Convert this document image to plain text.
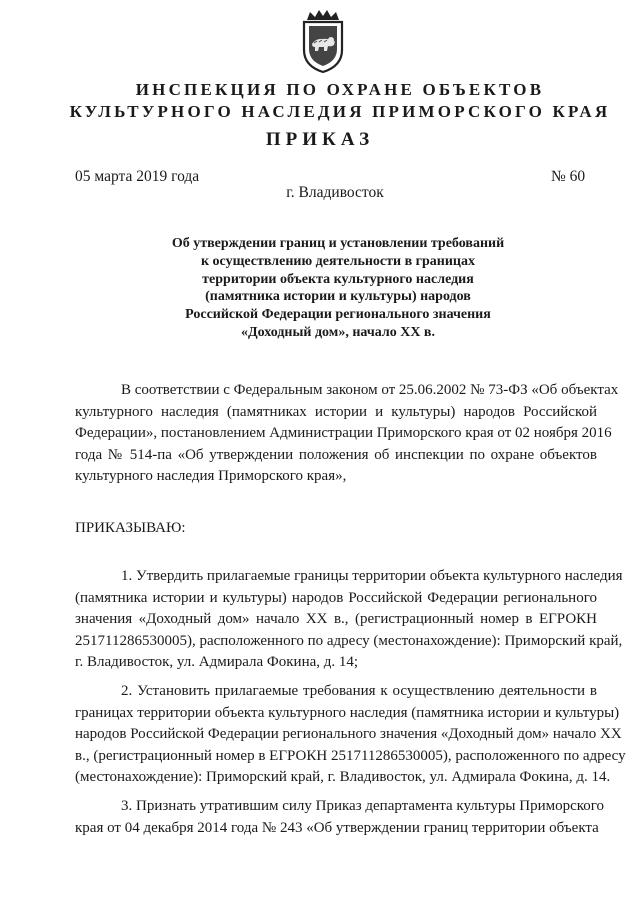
ИНСПЕКЦИЯ ПО ОХРАНЕ ОБЪЕКТОВ
КУЛЬТУРНОГО НАСЛЕДИЯ ПРИМОРСКОГО КРАЯ
ПРИКАЗ
05 марта 2019 года	№ 60
г. Владивосток
Об утверждении границ и установлении требований
к осуществлению деятельности в границах
территории объекта культурного наследия
(памятника истории и культуры) народов
Российской Федерации регионального значения
«Доходный дом», начало XX в.
В соответствии с Федеральным законом от 25.06.2002 № 73-ФЗ «Об объектах
культурного наследия (памятниках истории и культуры) народов Российской
Федерации», постановлением Администрации Приморского края от 02 ноября 2016
года № 514-па «Об утверждении положения об инспекции по охране объектов
культурного наследия Приморского края»,
ПРИКАЗЫВАЮ:
1. Утвердить прилагаемые границы территории объекта культурного наследия
(памятника истории и культуры) народов Российской Федерации регионального
значения «Доходный дом» начало XX в., (регистрационный номер в ЕГРОКН
251711286530005), расположенного по адресу (местонахождение): Приморский край,
г. Владивосток, ул. Адмирала Фокина, д. 14;
2. Установить прилагаемые требования к осуществлению деятельности в
границах территории объекта культурного наследия (памятника истории и культуры)
народов Российской Федерации регионального значения «Доходный дом» начало XX
в., (регистрационный номер в ЕГРОКН 251711286530005), расположенного по адресу
(местонахождение): Приморский край, г. Владивосток, ул. Адмирала Фокина, д. 14.
3. Признать утратившим силу Приказ департамента культуры Приморского
края от 04 декабря 2014 года № 243 «Об утверждении границ территории объекта
